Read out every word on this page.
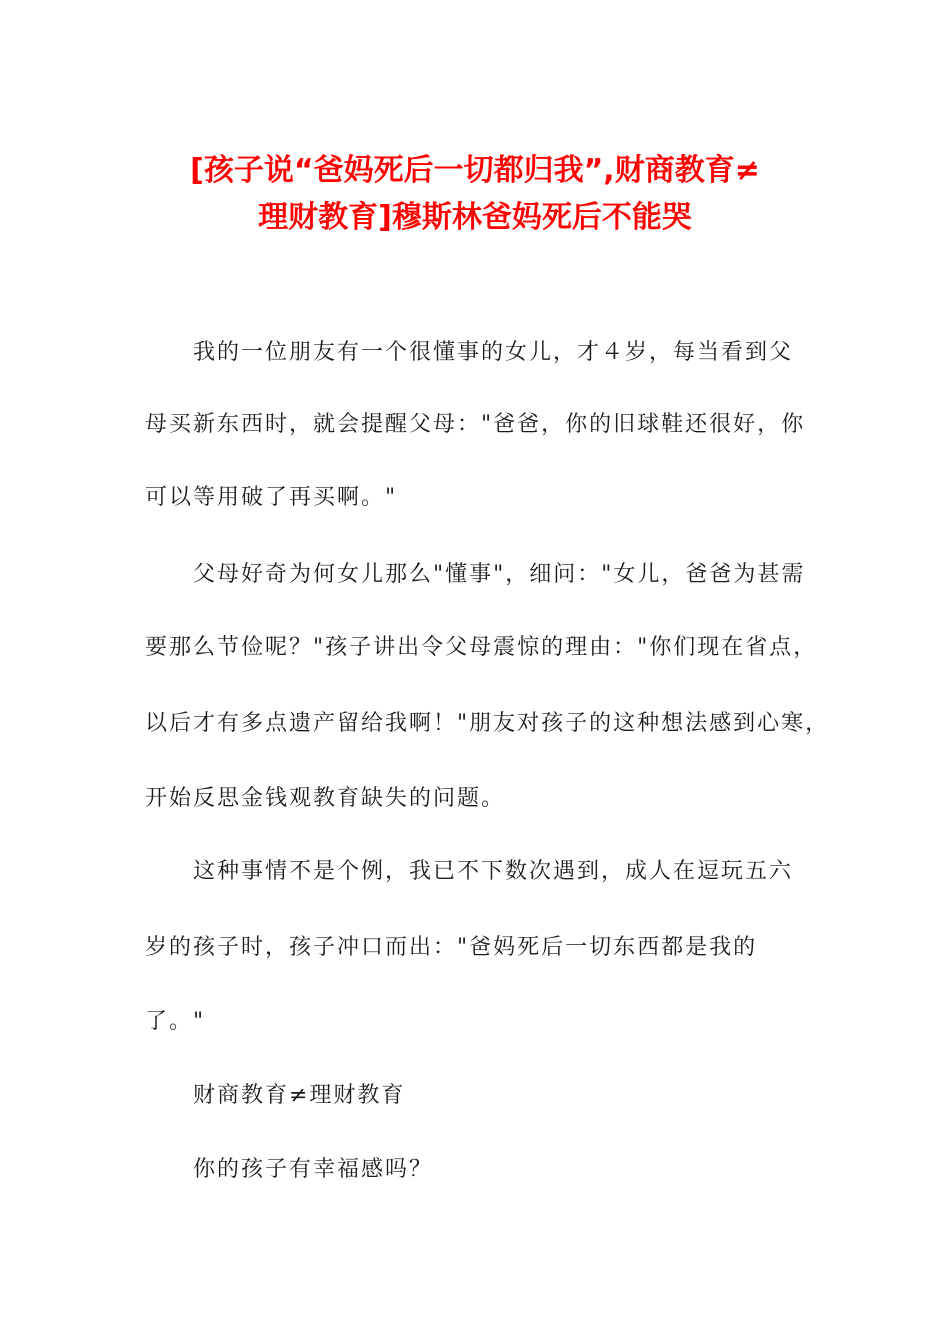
[孩子说“爸妈死后一切都归我”,财商教育≠
理财教育]穆斯林爸妈死后不能哭

我的一位朋友有一个很懂事的女儿，才４岁，每当看到父

母买新东西时，就会提醒父母："爸爸，你的旧球鞋还很好，你

可以等用破了再买啊。"

父母好奇为何女儿那么"懂事"，细问："女儿，爸爸为甚需

要那么节俭呢？"孩子讲出令父母震惊的理由："你们现在省点，

以后才有多点遗产留给我啊！"朋友对孩子的这种想法感到心寒，

开始反思金钱观教育缺失的问题。

这种事情不是个例，我已不下数次遇到，成人在逗玩五六

岁的孩子时，孩子冲口而出："爸妈死后一切东西都是我的

了。"

财商教育≠理财教育

你的孩子有幸福感吗？
